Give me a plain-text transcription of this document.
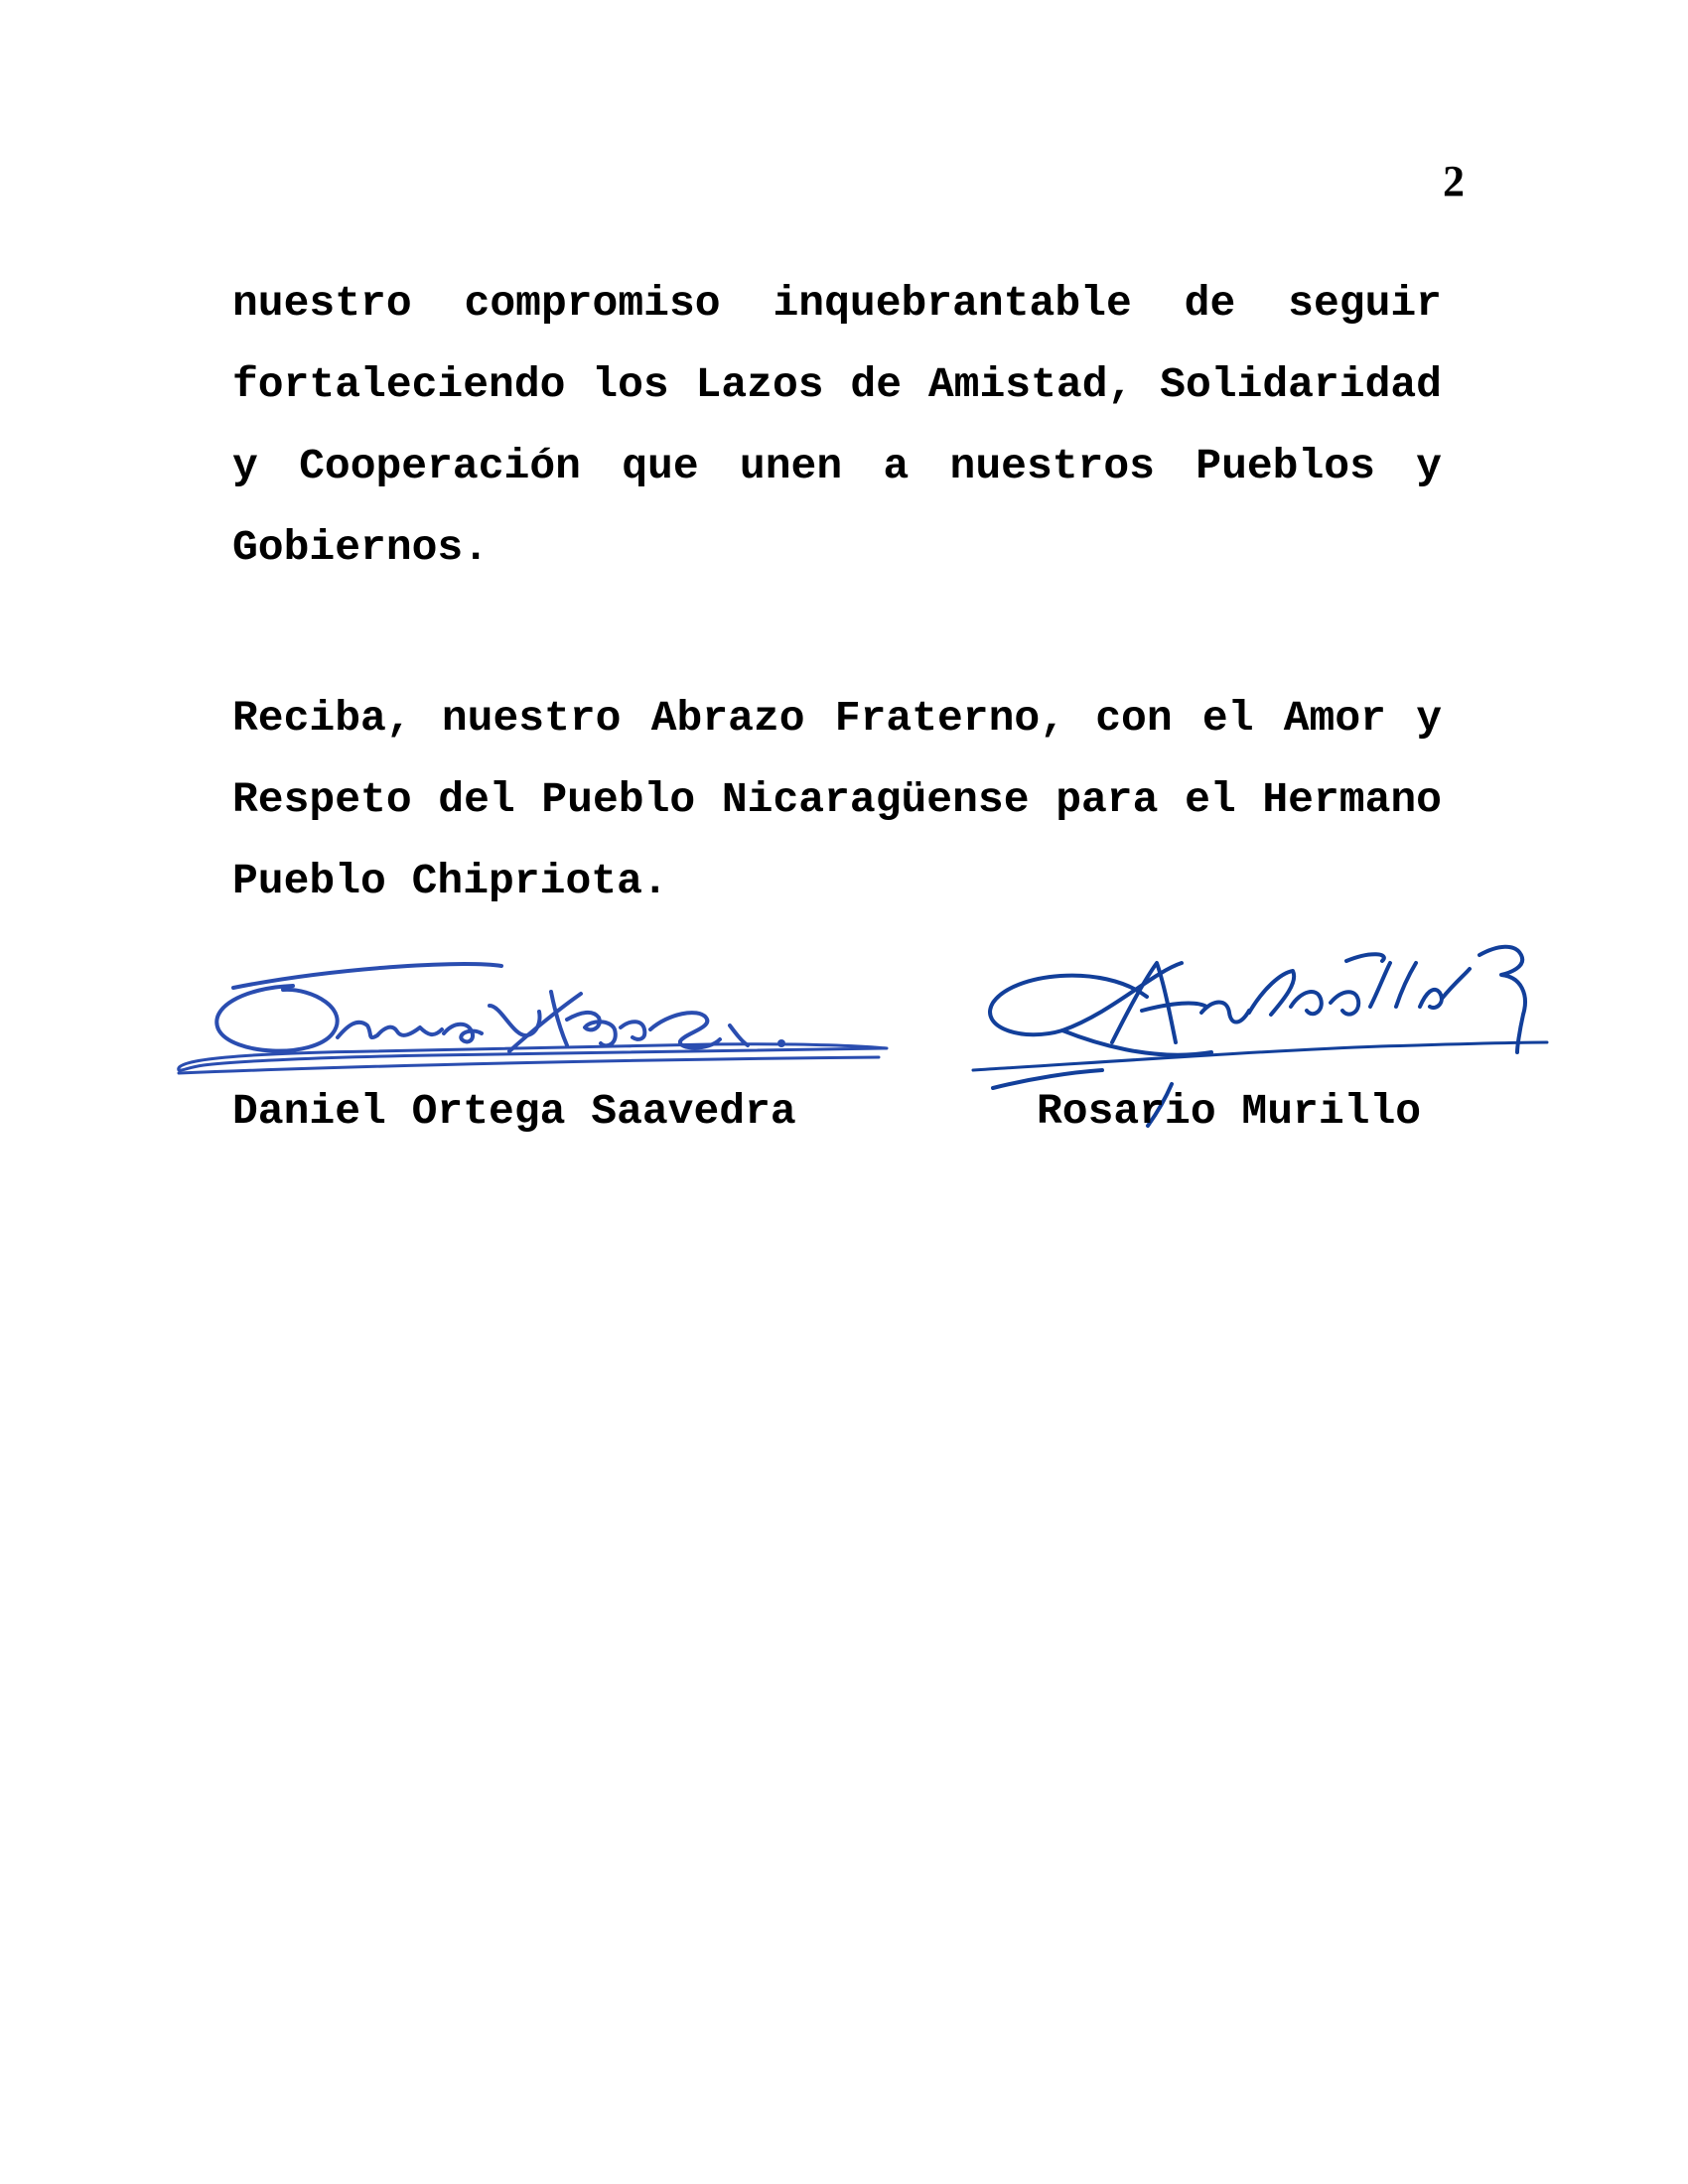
2

nuestro compromiso inquebrantable de seguir fortaleciendo los Lazos de Amistad, Solidaridad y Cooperación que unen a nuestros Pueblos y Gobiernos.

Reciba, nuestro Abrazo Fraterno, con el Amor y Respeto del Pueblo Nicaragüense para el Hermano Pueblo Chipriota.

Daniel Ortega Saavedra	Rosario Murillo
